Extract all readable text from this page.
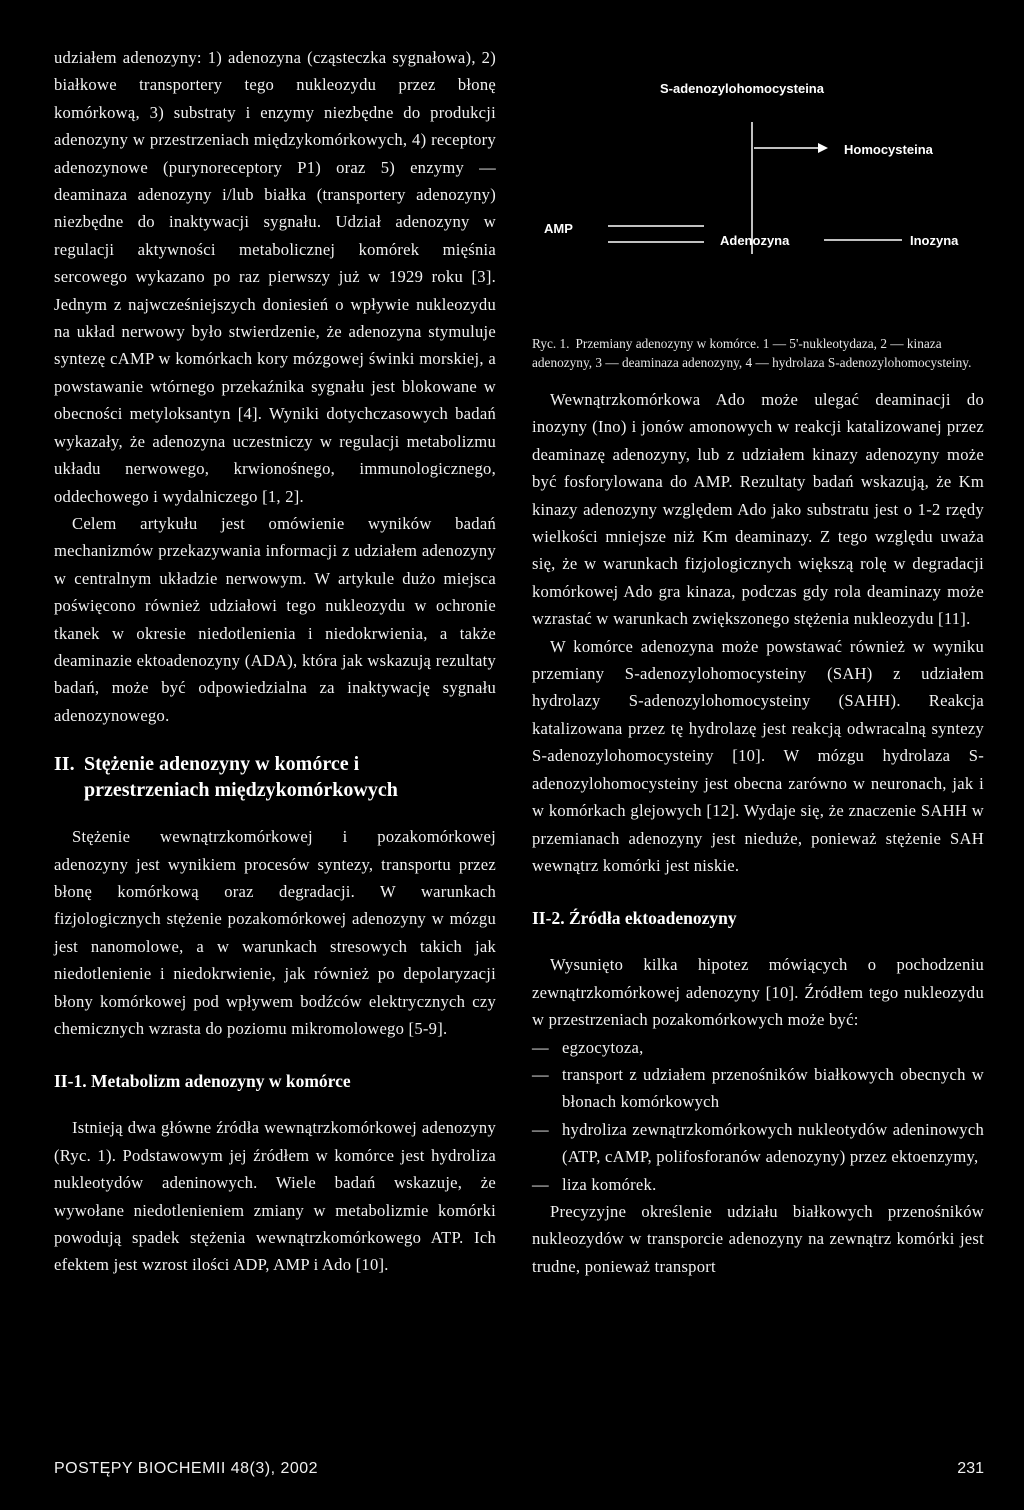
udziałem adenozyny: 1) adenozyna (cząsteczka sygnałowa), 2) białkowe transportery tego nukleozydu przez błonę komórkową, 3) substraty i enzymy niezbędne do produkcji adenozyny w przestrzeniach międzykomórkowych, 4) receptory adenozynowe (purynoreceptory P1) oraz 5) enzymy — deaminaza adenozyny i/lub białka (transportery adenozyny) niezbędne do inaktywacji sygnału. Udział adenozyny w regulacji aktywności metabolicznej komórek mięśnia sercowego wykazano po raz pierwszy już w 1929 roku [3]. Jednym z najwcześniejszych doniesień o wpływie nukleozydu na układ nerwowy było stwierdzenie, że adenozyna stymuluje syntezę cAMP w komórkach kory mózgowej świnki morskiej, a powstawanie wtórnego przekaźnika sygnału jest blokowane w obecności metyloksantyn [4]. Wyniki dotychczasowych badań wykazały, że adenozyna uczestniczy w regulacji metabolizmu układu nerwowego, krwionośnego, immunologicznego, oddechowego i wydalniczego [1, 2].

Celem artykułu jest omówienie wyników badań mechanizmów przekazywania informacji z udziałem adenozyny w centralnym układzie nerwowym. W artykule dużo miejsca poświęcono również udziałowi tego nukleozydu w ochronie tkanek w okresie niedotlenienia i niedokrwienia, a także deaminazie ektoadenozyny (ADA), która jak wskazują rezultaty badań, może być odpowiedzialna za inaktywację sygnału adenozynowego.

II. Stężenie adenozyny w komórce i
przestrzeniach międzykomórkowych

Stężenie wewnątrzkomórkowej i pozakomórkowej adenozyny jest wynikiem procesów syntezy, transportu przez błonę komórkową oraz degradacji. W warunkach fizjologicznych stężenie pozakomórkowej adenozyny w mózgu jest nanomolowe, a w warunkach stresowych takich jak niedotlenienie i niedokrwienie, jak również po depolaryzacji błony komórkowej pod wpływem bodźców elektrycznych czy chemicznych wzrasta do poziomu mikromolowego [5-9].

II-1. Metabolizm adenozyny w komórce

Istnieją dwa główne źródła wewnątrzkomórkowej adenozyny (Ryc. 1). Podstawowym jej źródłem w komórce jest hydroliza nukleotydów adeninowych. Wiele badań wskazuje, że wywołane niedotlenieniem zmiany w metabolizmie komórki powodują spadek stężenia wewnątrzkomórkowego ATP. Ich efektem jest wzrost ilości ADP, AMP i Ado [10].

S-adenozylohomocysteina
Homocysteina
AMP
Adenozyna	Inozyna
Ryc. 1. Przemiany adenozyny w komórce. 1 — 5'-nukleotydaza, 2 — kinaza adenozyny, 3 — deaminaza adenozyny, 4 — hydrolaza S-adenozylohomocysteiny.

Wewnątrzkomórkowa Ado może ulegać deaminacji do inozyny (Ino) i jonów amonowych w reakcji katalizowanej przez deaminazę adenozyny, lub z udziałem kinazy adenozyny może być fosforylowana do AMP. Rezultaty badań wskazują, że Km kinazy adenozyny względem Ado jako substratu jest o 1-2 rzędy wielkości mniejsze niż Km deaminazy. Z tego względu uważa się, że w warunkach fizjologicznych większą rolę w degradacji komórkowej Ado gra kinaza, podczas gdy rola deaminazy może wzrastać w warunkach zwiększonego stężenia nukleozydu [11].

W komórce adenozyna może powstawać również w wyniku przemiany S-adenozylohomocysteiny (SAH) z udziałem hydrolazy S-adenozylohomocysteiny (SAHH). Reakcja katalizowana przez tę hydrolazę jest reakcją odwracalną syntezy S-adenozylohomocysteiny [10]. W mózgu hydrolaza S-adenozylohomocysteiny jest obecna zarówno w neuronach, jak i w komórkach glejowych [12]. Wydaje się, że znaczenie SAHH w przemianach adenozyny jest nieduże, ponieważ stężenie SAH wewnątrz komórki jest niskie.

II-2. Źródła ektoadenozyny

Wysunięto kilka hipotez mówiących o pochodzeniu zewnątrzkomórkowej adenozyny [10]. Źródłem tego nukleozydu w przestrzeniach pozakomórkowych może być:

— egzocytoza,
— transport z udziałem przenośników białkowych obecnych w błonach komórkowych
— hydroliza zewnątrzkomórkowych nukleotydów adeninowych (ATP, cAMP, polifosforanów adenozyny) przez ektoenzymy,
— liza komórek.

Precyzyjne określenie udziału białkowych przenośników nukleozydów w transporcie adenozyny na zewnątrz komórki jest trudne, ponieważ transport

POSTĘPY BIOCHEMII 48(3), 2002	231
